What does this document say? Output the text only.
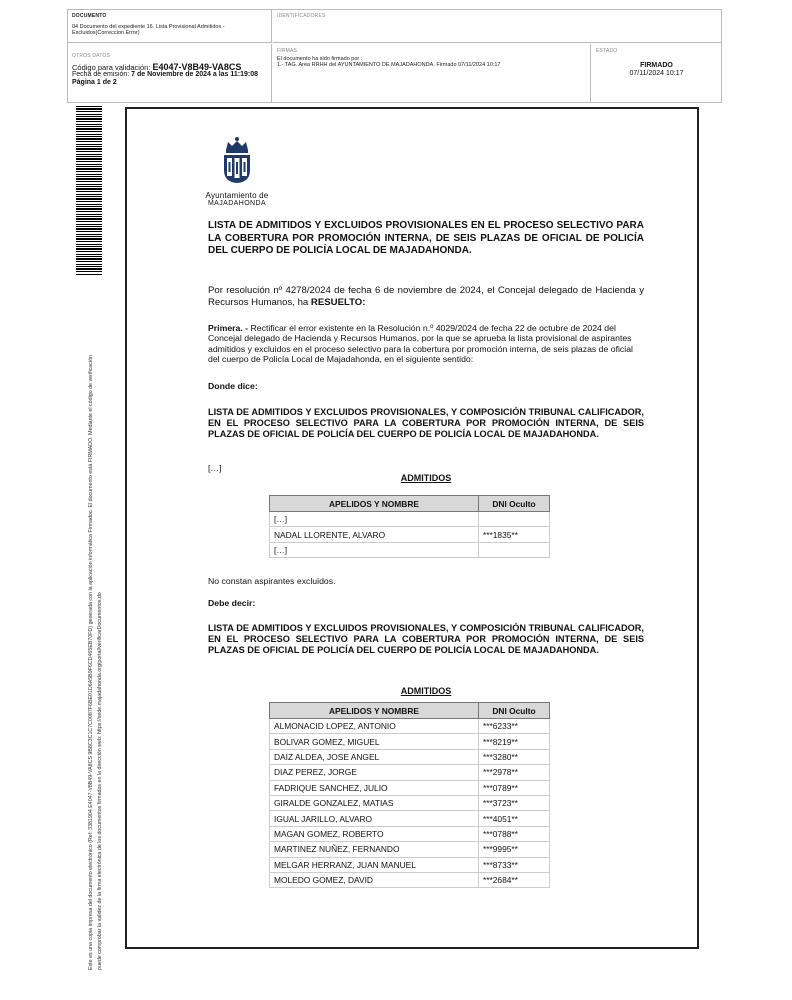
DOCUMENTO
04 Documento del expediente 16. Lista Provisional Admitidos -Excluidos(Correccion Error)
IDENTIFICADORES
OTROS DATOS
Código para validación: E4047-V8B49-VA8CS
Fecha de emisión: 7 de Noviembre de 2024 a las 11:19:08
Página 1 de 2
FIRMAS
El documento ha sido firmado por :
1.- TAG. Area RRHH del AYUNTAMIENTO DE MAJADAHONDA. Firmado 07/11/2024 10:17
ESTADO
FIRMADO
07/11/2024 10:17
Este es una copia impresa del documento electrónico (Ref: 3381904 E4047-V8B49-VA8CS 9B8C3C1C7C0087F6BE01D6A5B9F6CD465EB70FD) generada con la aplicación informática Firmadoc. El documento está FIRMADO. Mediante el código de verificación puede comprobar la validez de la firma electrónica de los documentos firmados en la dirección web: https://sede.majadahonda.org/portal/verificarDocumentos.do
Ayuntamiento de
MAJADAHONDA
LISTA DE ADMITIDOS Y EXCLUIDOS PROVISIONALES EN EL PROCESO SELECTIVO PARA LA COBERTURA POR PROMOCIÓN INTERNA, DE SEIS PLAZAS DE OFICIAL DE POLICÍA DEL CUERPO DE POLICÍA LOCAL DE MAJADAHONDA.
Por resolución nº 4278/2024 de fecha 6 de noviembre de 2024, el Concejal delegado de Hacienda y Recursos Humanos, ha RESUELTO:
Primera. - Rectificar el error existente en la Resolución n.º 4029/2024 de fecha 22 de octubre de 2024 del Concejal delegado de Hacienda y Recursos Humanos, por la que se aprueba la lista provisional de aspirantes admitidos y excluidos en el proceso selectivo para la cobertura por promoción interna, de seis plazas de oficial del cuerpo de Policía Local de Majadahonda, en el siguiente sentido:
Donde dice:
LISTA DE ADMITIDOS Y EXCLUIDOS PROVISIONALES, Y COMPOSICIÓN TRIBUNAL CALIFICADOR, EN EL PROCESO SELECTIVO PARA LA COBERTURA POR PROMOCIÓN INTERNA, DE SEIS PLAZAS DE OFICIAL DE POLICÍA DEL CUERPO DE POLICÍA LOCAL DE MAJADAHONDA.
[…]
ADMITIDOS
APELIDOS Y NOMBRE	DNI Oculto
[…]	
NADAL LLORENTE, ALVARO	***1835**
[…]	
No constan aspirantes excluidos.
Debe decir:
LISTA DE ADMITIDOS Y EXCLUIDOS PROVISIONALES, Y COMPOSICIÓN TRIBUNAL CALIFICADOR, EN EL PROCESO SELECTIVO PARA LA COBERTURA POR PROMOCIÓN INTERNA, DE SEIS PLAZAS DE OFICIAL DE POLICÍA DEL CUERPO DE POLICÍA LOCAL DE MAJADAHONDA.
ADMITIDOS
APELIDOS Y NOMBRE	DNI Oculto
ALMONACID LOPEZ, ANTONIO	***6233**
BOLIVAR GOMEZ, MIGUEL	***8219**
DAIZ ALDEA, JOSE ANGEL	***3280**
DIAZ PEREZ, JORGE	***2978**
FADRIQUE SANCHEZ, JULIO	***0789**
GIRALDE GONZALEZ, MATIAS	***3723**
IGUAL JARILLO, ALVARO	***4051**
MAGAN GOMEZ, ROBERTO	***0788**
MARTINEZ NUÑEZ, FERNANDO	***9995**
MELGAR HERRANZ, JUAN MANUEL	***8733**
MOLEDO GOMEZ, DAVID	***2684**
